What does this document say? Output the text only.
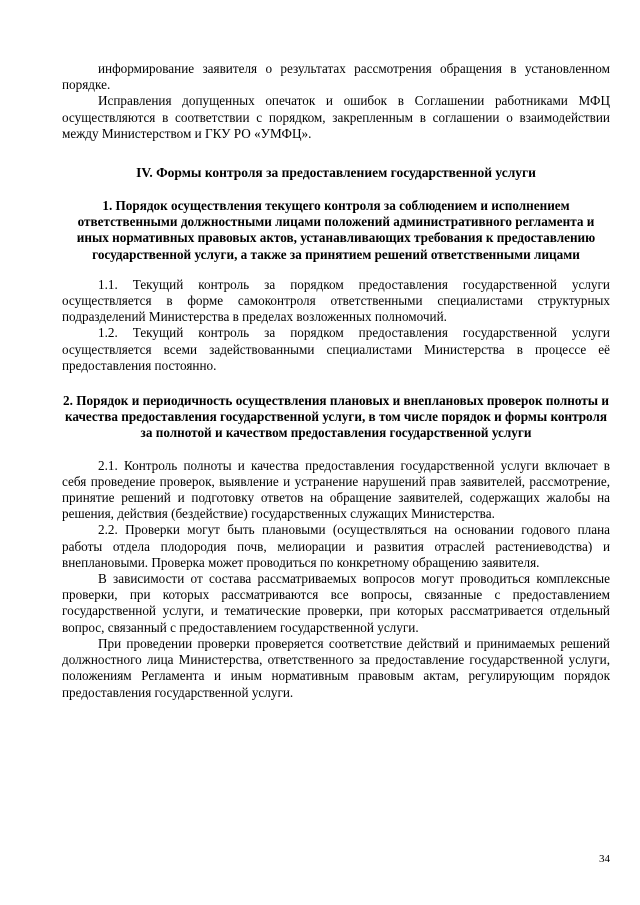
информирование заявителя о результатах рассмотрения обращения в установленном порядке.

Исправления допущенных опечаток и ошибок в Соглашении работниками МФЦ осуществляются в соответствии с порядком, закрепленным в соглашении о взаимодействии между Министерством и ГКУ РО «УМФЦ».

IV. Формы контроля за предоставлением государственной услуги
1. Порядок осуществления текущего контроля за соблюдением и исполнением ответственными должностными лицами положений административного регламента и иных нормативных правовых актов, устанавливающих требования к предоставлению государственной услуги, а также за принятием решений ответственными лицами

1.1. Текущий контроль за порядком предоставления государственной услуги осуществляется в форме самоконтроля ответственными специалистами структурных подразделений Министерства в пределах возложенных полномочий.

1.2. Текущий контроль за порядком предоставления государственной услуги осуществляется всеми задействованными специалистами Министерства в процессе её предоставления постоянно.

2. Порядок и периодичность осуществления плановых и внеплановых проверок полноты и качества предоставления государственной услуги, в том числе порядок и формы контроля за полнотой и качеством предоставления государственной услуги

2.1. Контроль полноты и качества предоставления государственной услуги включает в себя проведение проверок, выявление и устранение нарушений прав заявителей, рассмотрение, принятие решений и подготовку ответов на обращение заявителей, содержащих жалобы на решения, действия (бездействие) государственных служащих Министерства.

2.2. Проверки могут быть плановыми (осуществляться на основании годового плана работы отдела плодородия почв, мелиорации и развития отраслей растениеводства) и внеплановыми. Проверка может проводиться по конкретному обращению заявителя.

В зависимости от состава рассматриваемых вопросов могут проводиться комплексные проверки, при которых рассматриваются все вопросы, связанные с предоставлением государственной услуги, и тематические проверки, при которых рассматривается отдельный вопрос, связанный с предоставлением государственной услуги.

При проведении проверки проверяется соответствие действий и принимаемых решений должностного лица Министерства, ответственного за предоставление государственной услуги, положениям Регламента и иным нормативным правовым актам, регулирующим порядок предоставления государственной услуги.

34
